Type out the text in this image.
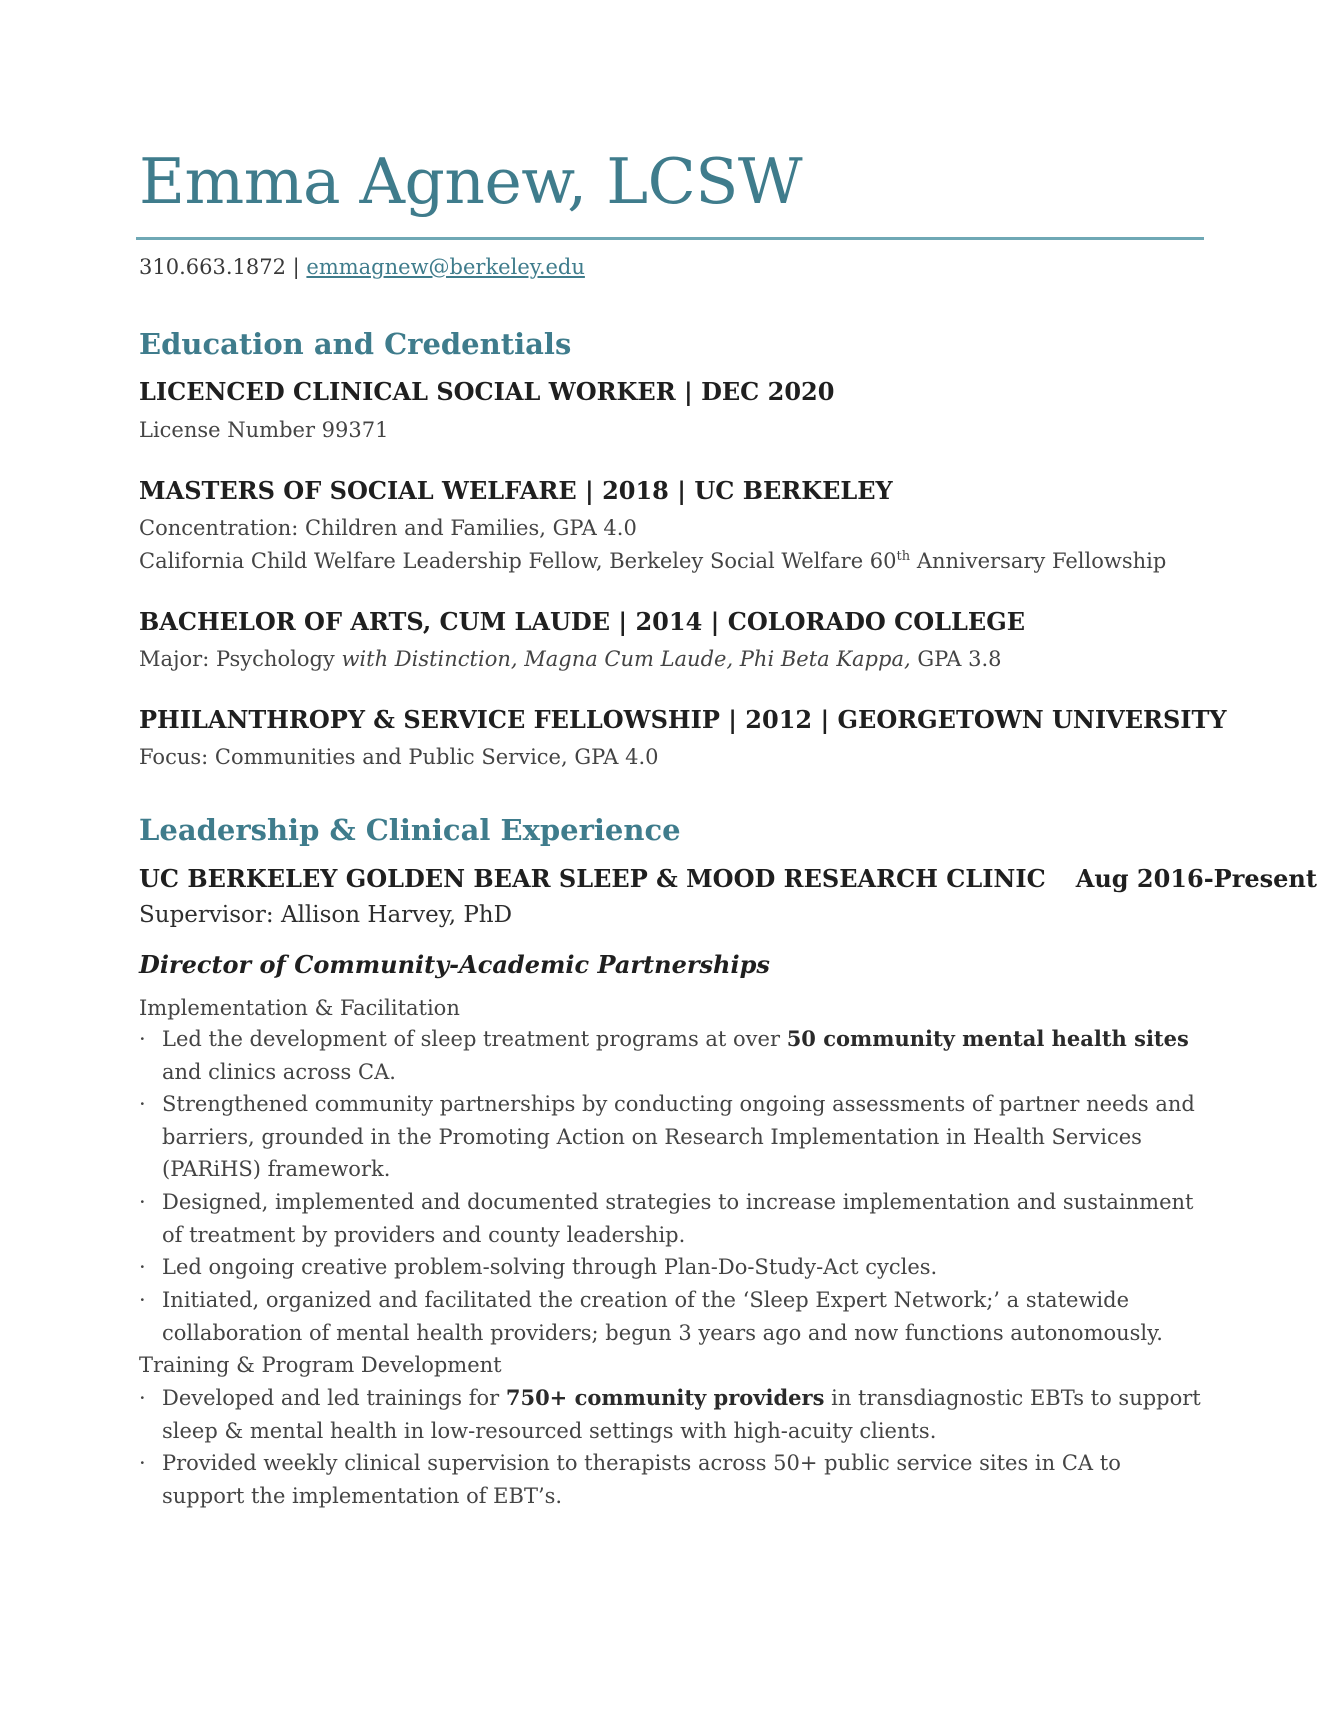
Emma Agnew, LCSW
310.663.1872 | emmagnew@berkeley.edu
Education and Credentials
LICENCED CLINICAL SOCIAL WORKER | DEC 2020
License Number 99371
MASTERS OF SOCIAL WELFARE | 2018 | UC BERKELEY
Concentration: Children and Families, GPA 4.0
California Child Welfare Leadership Fellow, Berkeley Social Welfare 60th Anniversary Fellowship
BACHELOR OF ARTS, CUM LAUDE | 2014 | COLORADO COLLEGE
Major: Psychology with Distinction, Magna Cum Laude, Phi Beta Kappa, GPA 3.8
PHILANTHROPY & SERVICE FELLOWSHIP | 2012 | GEORGETOWN UNIVERSITY
Focus: Communities and Public Service, GPA 4.0
Leadership & Clinical Experience
UC BERKELEY GOLDEN BEAR SLEEP & MOOD RESEARCH CLINIC Aug 2016-Present
Supervisor: Allison Harvey, PhD
Director of Community-Academic Partnerships
Implementation & Facilitation
· Led the development of sleep treatment programs at over 50 community mental health sites and clinics across CA.
· Strengthened community partnerships by conducting ongoing assessments of partner needs and barriers, grounded in the Promoting Action on Research Implementation in Health Services (PARiHS) framework.
· Designed, implemented and documented strategies to increase implementation and sustainment of treatment by providers and county leadership.
· Led ongoing creative problem-solving through Plan-Do-Study-Act cycles.
· Initiated, organized and facilitated the creation of the ‘Sleep Expert Network;’ a statewide collaboration of mental health providers; begun 3 years ago and now functions autonomously.
Training & Program Development
· Developed and led trainings for 750+ community providers in transdiagnostic EBTs to support sleep & mental health in low-resourced settings with high-acuity clients.
· Provided weekly clinical supervision to therapists across 50+ public service sites in CA to support the implementation of EBT’s.
